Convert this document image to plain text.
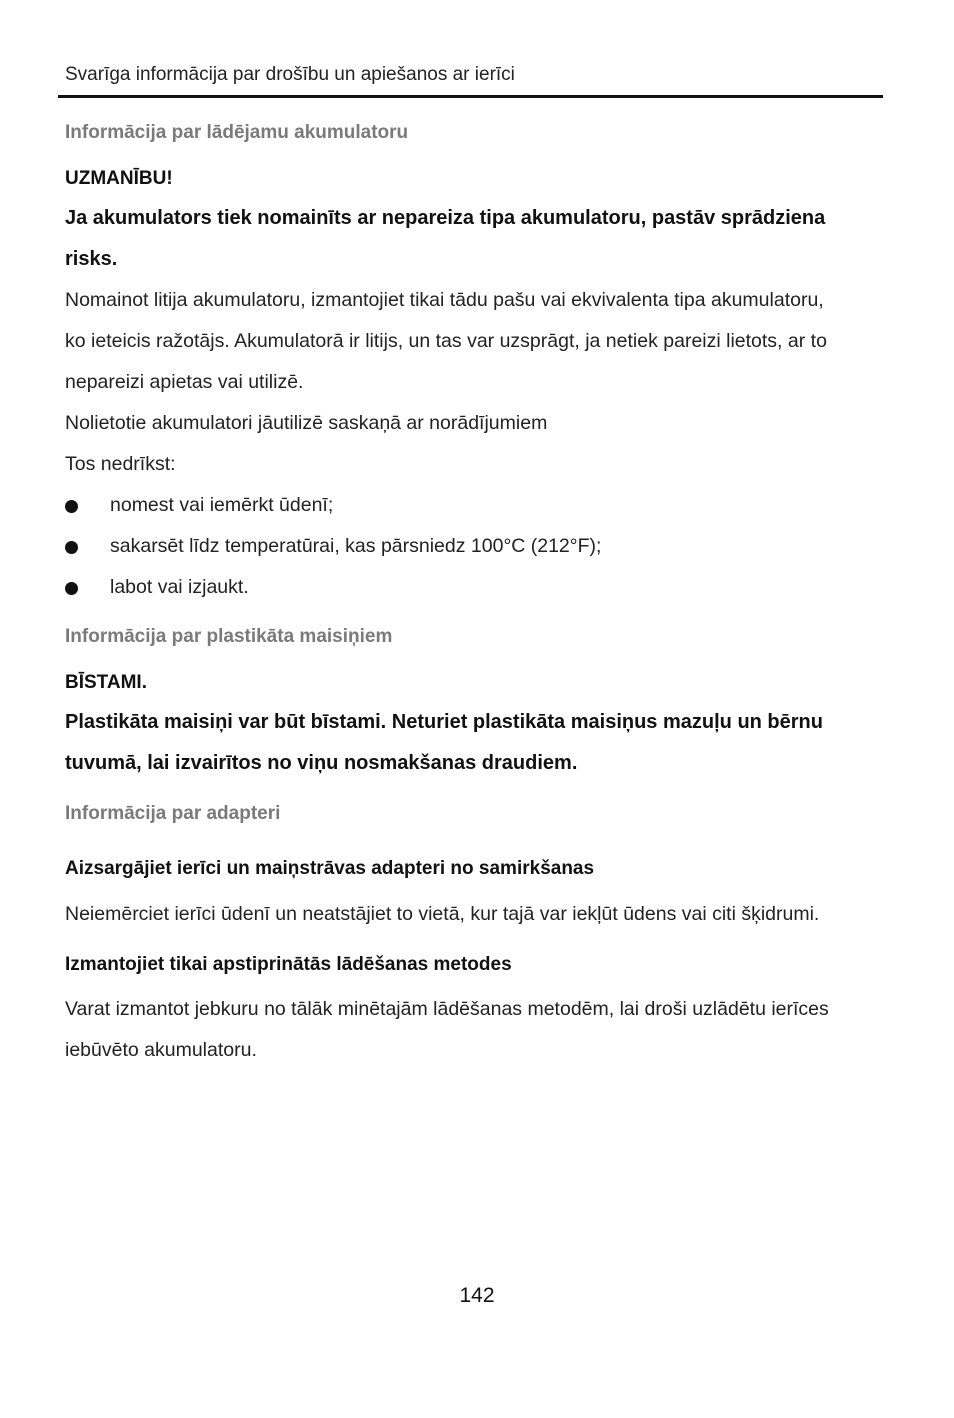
Svarīga informācija par drošību un apiešanos ar ierīci
Informācija par lādējamu akumulatoru
UZMANĪBU!
Ja akumulators tiek nomainīts ar nepareiza tipa akumulatoru, pastāv sprādziena
risks.
Nomainot litija akumulatoru, izmantojiet tikai tādu pašu vai ekvivalenta tipa akumulatoru,
ko ieteicis ražotājs. Akumulatorā ir litijs, un tas var uzsprāgt, ja netiek pareizi lietots, ar to
nepareizi apietas vai utilizē.
Nolietotie akumulatori jāutilizē saskaņā ar norādījumiem
Tos nedrīkst:
nomest vai iemērkt ūdenī;
sakarsēt līdz temperatūrai, kas pārsniedz 100°C (212°F);
labot vai izjaukt.
Informācija par plastikāta maisiņiem
BĪSTAMI.
Plastikāta maisiņi var būt bīstami. Neturiet plastikāta maisiņus mazuļu un bērnu
tuvumā, lai izvairītos no viņu nosmakšanas draudiem.
Informācija par adapteri
Aizsargājiet ierīci un maiņstrāvas adapteri no samirkšanas
Neiemērciet ierīci ūdenī un neatstājiet to vietā, kur tajā var iekļūt ūdens vai citi šķidrumi.
Izmantojiet tikai apstiprinātās lādēšanas metodes
Varat izmantot jebkuru no tālāk minētajām lādēšanas metodēm, lai droši uzlādētu ierīces
iebūvēto akumulatoru.
142
